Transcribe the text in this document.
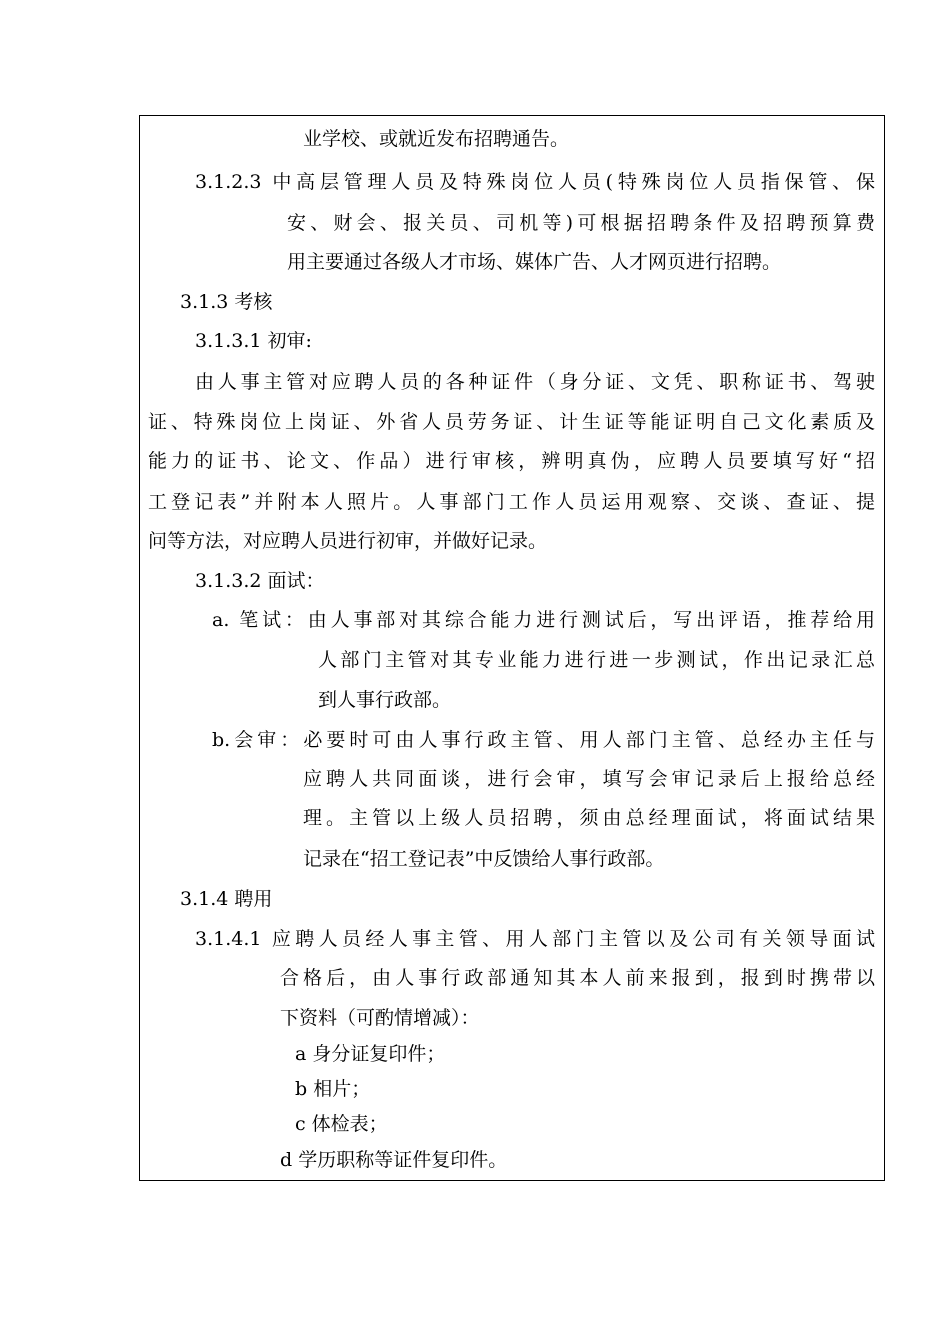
业学校、或就近发布招聘通告。
3.1.2.3 中高层管理人员及特殊岗位人员(特殊岗位人员指保管、保
安、财会、报关员、司机等)可根据招聘条件及招聘预算费
用主要通过各级人才市场、媒体广告、人才网页进行招聘。
3.1.3 考核
3.1.3.1 初审:
由人事主管对应聘人员的各种证件（身分证、文凭、职称证书、驾驶
证、特殊岗位上岗证、外省人员劳务证、计生证等能证明自己文化素质及
能力的证书、论文、作品）进行审核，辨明真伪，应聘人员要填写好“招
工登记表”并附本人照片。人事部门工作人员运用观察、交谈、查证、提
问等方法，对应聘人员进行初审，并做好记录。
3.1.3.2 面试：
a. 笔试：由人事部对其综合能力进行测试后，写出评语，推荐给用
人部门主管对其专业能力进行进一步测试，作出记录汇总
到人事行政部。
b.会审：必要时可由人事行政主管、用人部门主管、总经办主任与
应聘人共同面谈，进行会审，填写会审记录后上报给总经
理。主管以上级人员招聘，须由总经理面试，将面试结果
记录在“招工登记表”中反馈给人事行政部。
3.1.4 聘用
3.1.4.1 应聘人员经人事主管、用人部门主管以及公司有关领导面试
合格后，由人事行政部通知其本人前来报到，报到时携带以
下资料（可酌情增减）：
a 身分证复印件；
b 相片；
c 体检表；
d 学历职称等证件复印件。
